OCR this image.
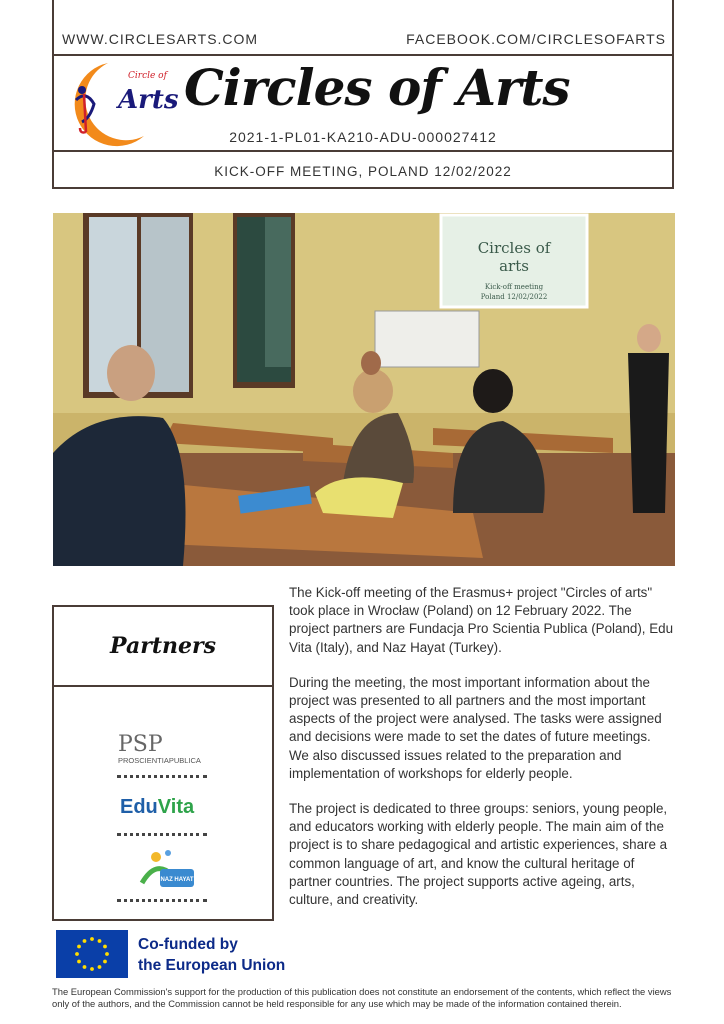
WWW.CIRCLESARTS.COM	FACEBOOK.COM/CIRCLESOFARTS
Circles of Arts
2021-1-PL01-KA210-ADU-000027412
KICK-OFF MEETING, POLAND 12/02/2022
Circle of
Arts
Circles of
arts
Kick-off meeting
Poland 12/02/2022
Partners
PSP
PROSCIENTIAPUBLICA
EduVita
NAZ HAYAT

The Kick-off meeting of the Erasmus+ project "Circles of arts" took place in Wrocław (Poland) on 12 February 2022. The project partners are Fundacja Pro Scientia Publica (Poland), Edu Vita (Italy), and Naz Hayat (Turkey).

During the meeting, the most important information about the project was presented to all partners and the most important aspects of the project were analysed. The tasks were assigned and decisions were made to set the dates of future meetings. We also discussed issues related to the preparation and implementation of workshops for elderly people.

The project is dedicated to three groups: seniors, young people, and educators working with elderly people. The main aim of the project is to share pedagogical and artistic experiences, share a common language of art, and know the cultural heritage of partner countries. The project supports active ageing, arts, culture, and creativity.

Co-funded by
the European Union
The European Commission's support for the production of this publication does not constitute an endorsement of the contents, which reflect the views only of the authors, and the Commission cannot be held responsible for any use which may be made of the information contained therein.
